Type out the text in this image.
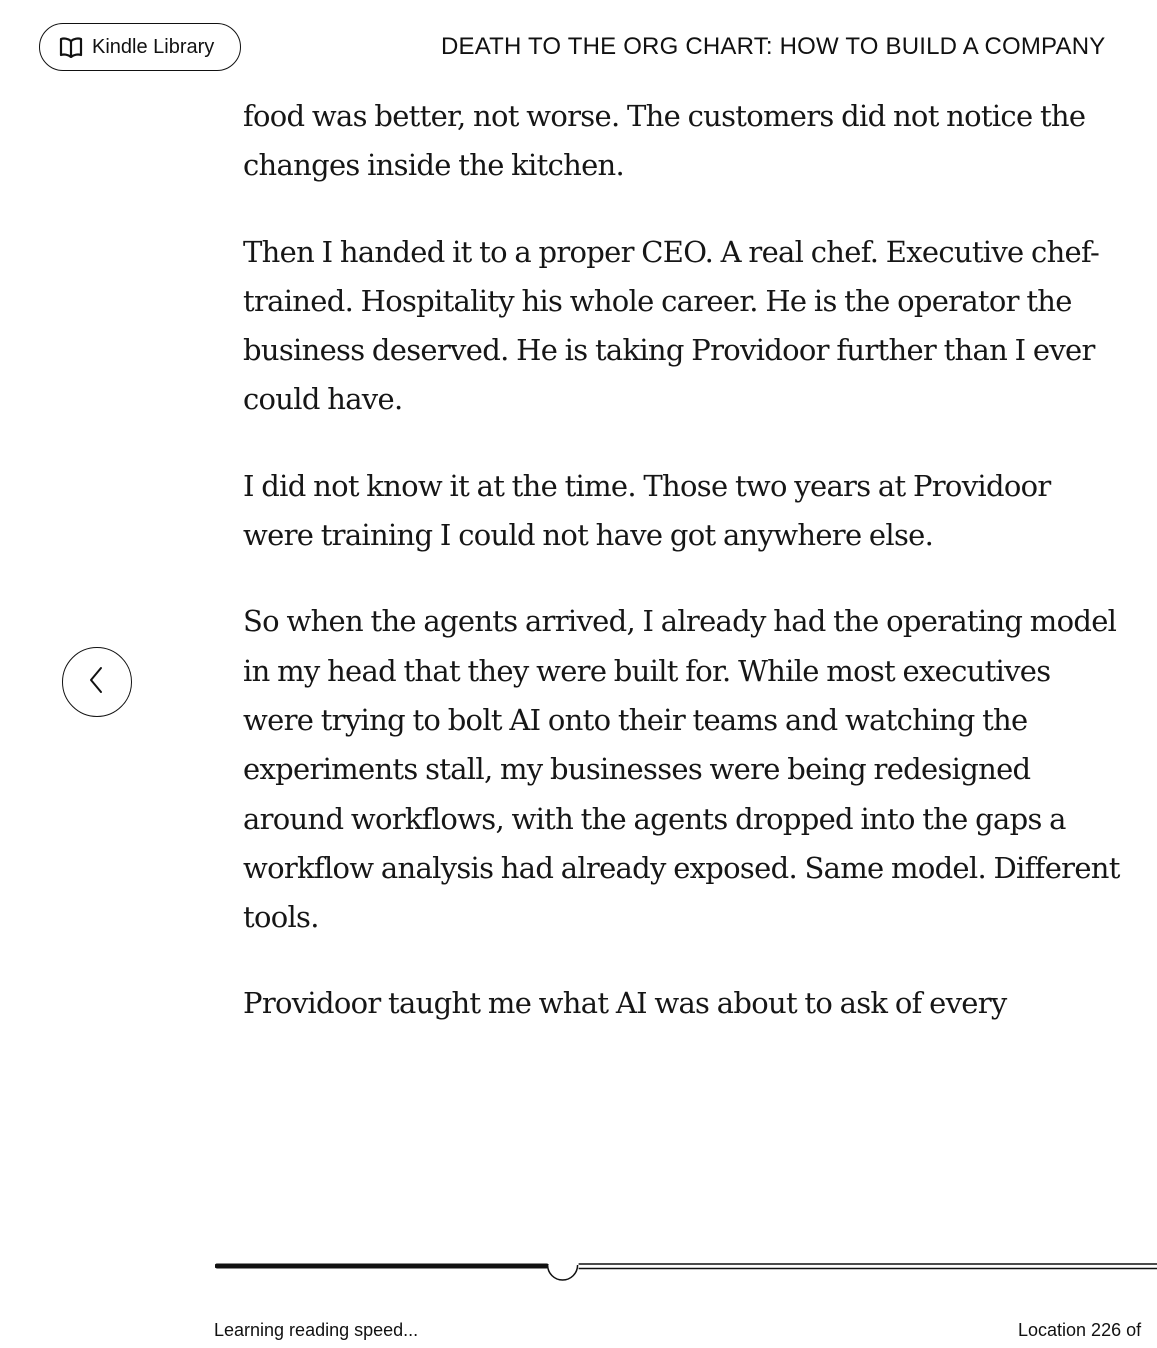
Kindle Library	DEATH TO THE ORG CHART: HOW TO BUILD A COMPANY

food was better, not worse. The customers did not notice the changes inside the kitchen.

Then I handed it to a proper CEO. A real chef. Executive chef-trained. Hospitality his whole career. He is the operator the business deserved. He is taking Providoor further than I ever could have.

I did not know it at the time. Those two years at Providoor were training I could not have got anywhere else.

So when the agents arrived, I already had the operating model in my head that they were built for. While most executives were trying to bolt AI onto their teams and watching the experiments stall, my businesses were being redesigned around workflows, with the agents dropped into the gaps a workflow analysis had already exposed. Same model. Different tools.

Providoor taught me what AI was about to ask of every

Learning reading speed...	Location 226 of
